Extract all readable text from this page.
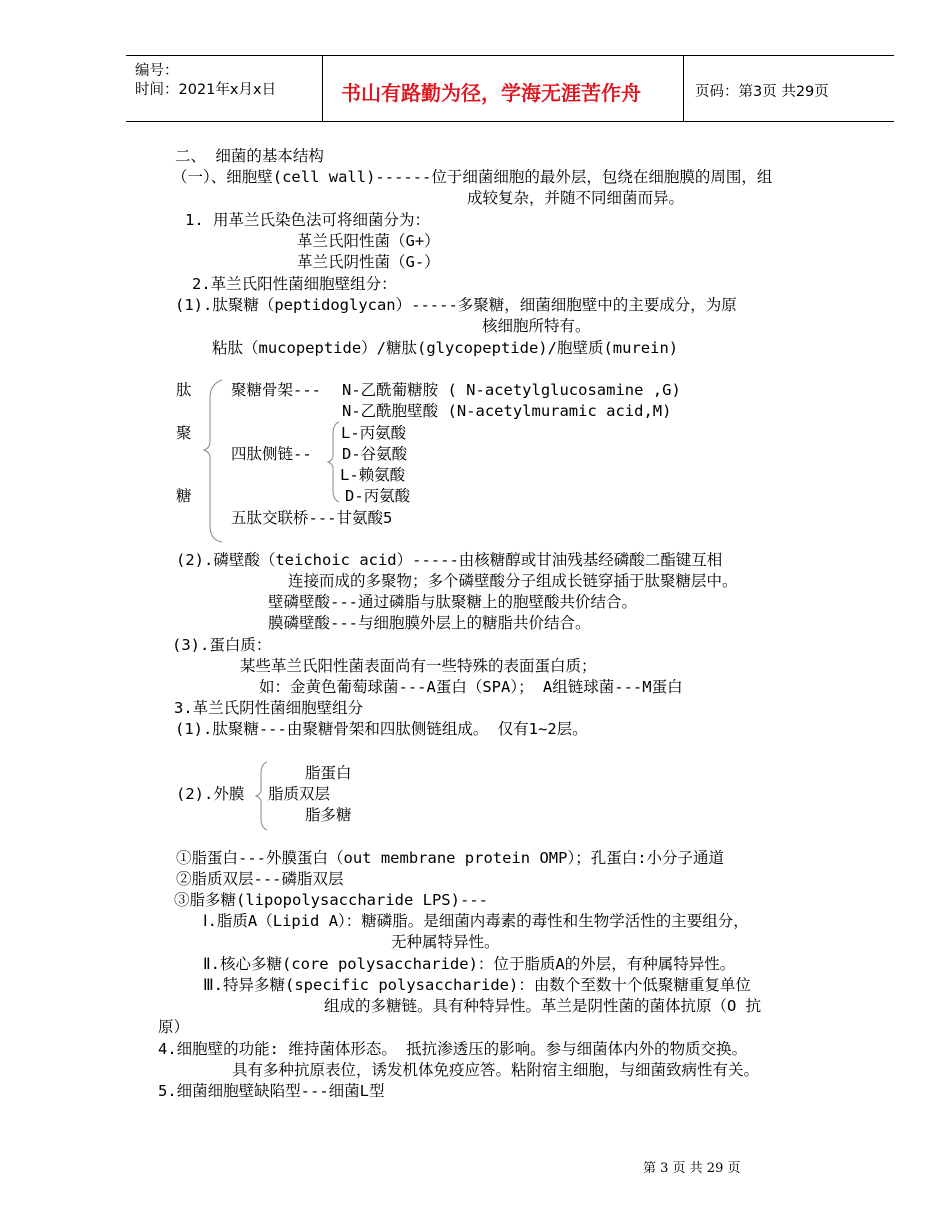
编号：
时间：2021年x月x日	书山有路勤为径，学海无涯苦作舟	页码：第3页 共29页
二、 细菌的基本结构
（一）、细胞壁(cell wall)------位于细菌细胞的最外层，包绕在细胞膜的周围，组
成较复杂，并随不同细菌而异。
1. 用革兰氏染色法可将细菌分为：
革兰氏阳性菌（G+）
革兰氏阴性菌（G-）
2.革兰氏阳性菌细胞壁组分：
(1).肽聚糖（peptidoglycan）-----多聚糖，细菌细胞壁中的主要成分，为原
核细胞所特有。
粘肽（mucopeptide）/糖肽(glycopeptide)/胞壁质(murein)
肽
聚
糖
聚糖骨架--- N-乙酰葡糖胺 ( N-acetylglucosamine ,G)
N-乙酰胞壁酸 (N-acetylmuramic acid,M)
四肽侧链--
L-丙氨酸
D-谷氨酸
L-赖氨酸
D-丙氨酸
五肽交联桥---甘氨酸5
(2).磷壁酸（teichoic acid）-----由核糖醇或甘油残基经磷酸二酯键互相
连接而成的多聚物；多个磷壁酸分子组成长链穿插于肽聚糖层中。
壁磷壁酸---通过磷脂与肽聚糖上的胞壁酸共价结合。
膜磷壁酸---与细胞膜外层上的糖脂共价结合。
(3).蛋白质：
某些革兰氏阳性菌表面尚有一些特殊的表面蛋白质；
如：金黄色葡萄球菌---A蛋白（SPA）； A组链球菌---M蛋白
3.革兰氏阴性菌细胞壁组分
(1).肽聚糖---由聚糖骨架和四肽侧链组成。 仅有1~2层。
(2).外膜
脂蛋白
脂质双层
脂多糖
①脂蛋白---外膜蛋白（out membrane protein OMP）；孔蛋白:小分子通道
②脂质双层---磷脂双层
③脂多糖(lipopolysaccharide LPS)---
Ⅰ.脂质A（Lipid A）：糖磷脂。是细菌内毒素的毒性和生物学活性的主要组分，
无种属特异性。
Ⅱ.核心多糖(core polysaccharide)：位于脂质A的外层，有种属特异性。
Ⅲ.特异多糖(specific polysaccharide)：由数个至数十个低聚糖重复单位
组成的多糖链。具有种特异性。革兰是阴性菌的菌体抗原（O 抗
原）
4.细胞壁的功能: 维持菌体形态。 抵抗渗透压的影响。参与细菌体内外的物质交换。
具有多种抗原表位，诱发机体免疫应答。粘附宿主细胞，与细菌致病性有关。
5.细菌细胞壁缺陷型---细菌L型
第 3 页 共 29 页
